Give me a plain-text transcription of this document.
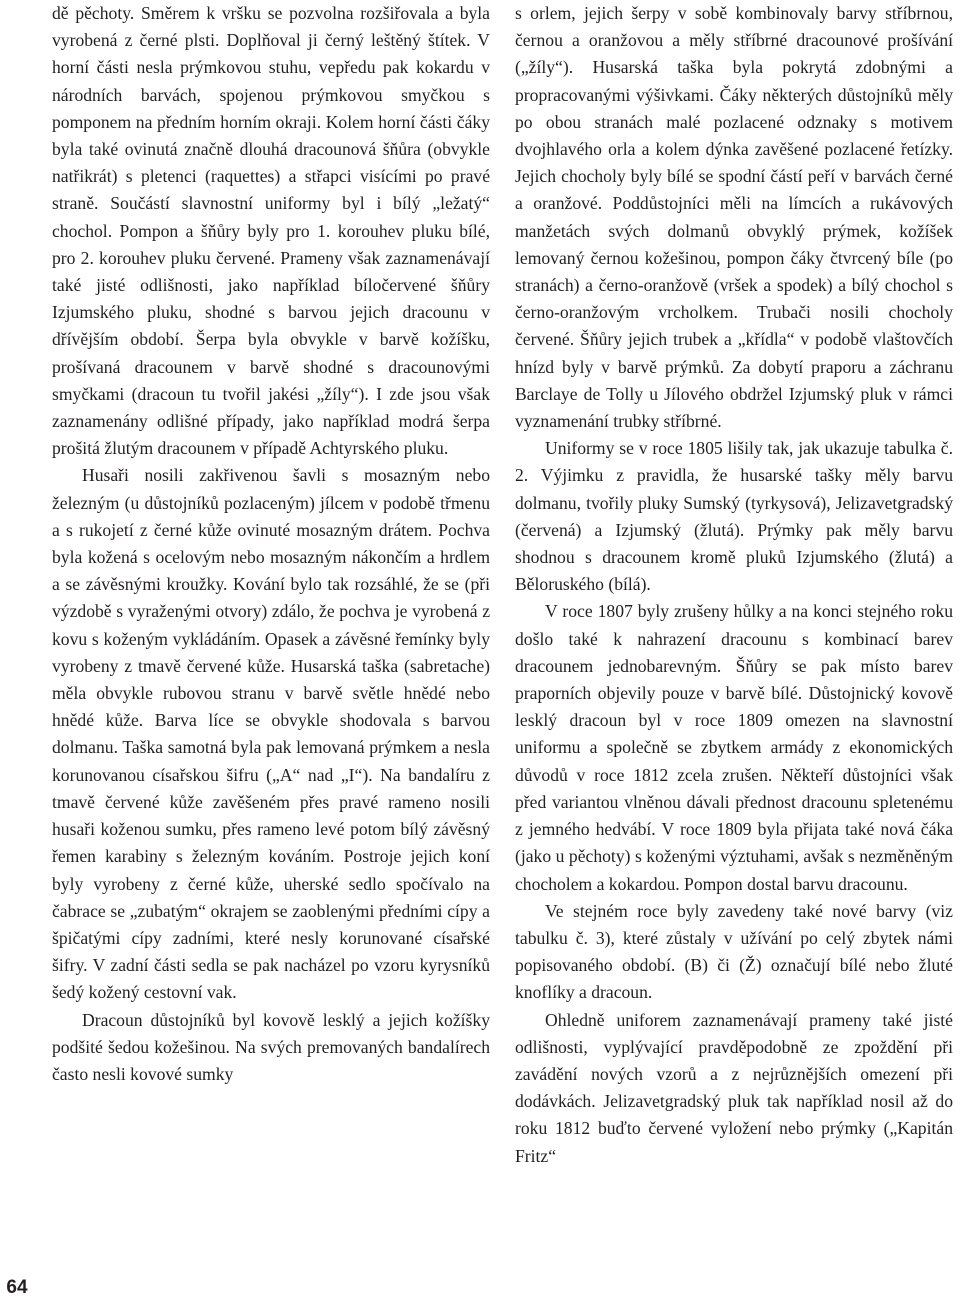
dě pěchoty. Směrem k vršku se pozvolna rozšiřovala a byla vyrobená z černé plsti. Doplňoval ji černý leštěný štítek. V horní části nesla prýmkovou stuhu, vepředu pak kokardu v národních barvách, spojenou prýmkovou smyčkou s pomponem na předním horním okraji. Kolem horní části čáky byla také ovinutá značně dlouhá dracounová šňůra (obvykle natřikrát) s pletenci (raquettes) a střapci visícími po pravé straně. Součástí slavnostní uniformy byl i bílý „ležatý“ chochol. Pompon a šňůry byly pro 1. korouhev pluku bílé, pro 2. korouhev pluku červené. Prameny však zaznamenávají také jisté odlišnosti, jako například bíločervené šňůry Izjumského pluku, shodné s barvou jejich dracounu v dřívějším období. Šerpa byla obvykle v barvě kožíšku, prošívaná dracounem v barvě shodné s dracounovými smyčkami (dracoun tu tvořil jakési „žíly“). I zde jsou však zaznamenány odlišné případy, jako například modrá šerpa prošitá žlutým dracounem v případě Achtyrského pluku.

Husaři nosili zakřivenou šavli s mosazným nebo železným (u důstojníků pozlaceným) jílcem v podobě třmenu a s rukojetí z černé kůže ovinuté mosazným drátem. Pochva byla kožená s ocelovým nebo mosazným nákončím a hrdlem a se závěsnými kroužky. Kování bylo tak rozsáhlé, že se (při výzdobě s vyraženými otvory) zdálo, že pochva je vyrobená z kovu s koženým vykládáním. Opasek a závěsné řemínky byly vyrobeny z tmavě červené kůže. Husarská taška (sabretache) měla obvykle rubovou stranu v barvě světle hnědé nebo hnědé kůže. Barva líce se obvykle shodovala s barvou dolmanu. Taška samotná byla pak lemovaná prýmkem a nesla korunovanou císařskou šifru („A“ nad „I“). Na bandalíru z tmavě červené kůže zavěšeném přes pravé rameno nosili husaři koženou sumku, přes rameno levé potom bílý závěsný řemen karabiny s železným kováním. Postroje jejich koní byly vyrobeny z černé kůže, uherské sedlo spočívalo na čabrace se „zubatým“ okrajem se zaoblenými předními cípy a špičatými cípy zadními, které nesly korunované císařské šifry. V zadní části sedla se pak nacházel po vzoru kyrysníků šedý kožený cestovní vak.

Dracoun důstojníků byl kovově lesklý a jejich kožíšky podšité šedou kožešinou. Na svých premovaných bandalírech často nesli kovové sumky

s orlem, jejich šerpy v sobě kombinovaly barvy stříbrnou, černou a oranžovou a měly stříbrné dracounové prošívání („žíly“). Husarská taška byla pokrytá zdobnými a propracovanými výšivkami. Čáky některých důstojníků měly po obou stranách malé pozlacené odznaky s motivem dvojhlavého orla a kolem dýnka zavěšené pozlacené řetízky. Jejich chocholy byly bílé se spodní částí peří v barvách černé a oranžové. Poddůstojníci měli na límcích a rukávových manžetách svých dolmanů obvyklý prýmek, kožíšek lemovaný černou kožešinou, pompon čáky čtvrcený bíle (po stranách) a černo-oranžově (vršek a spodek) a bílý chochol s černo-oranžovým vrcholkem. Trubači nosili chocholy červené. Šňůry jejich trubek a „křídla“ v podobě vlaštovčích hnízd byly v barvě prýmků. Za dobytí praporu a záchranu Barclaye de Tolly u Jílového obdržel Izjumský pluk v rámci vyznamenání trubky stříbrné.

Uniformy se v roce 1805 lišily tak, jak ukazuje tabulka č. 2. Výjimku z pravidla, že husarské tašky měly barvu dolmanu, tvořily pluky Sumský (tyrkysová), Jelizavetgradský (červená) a Izjumský (žlutá). Prýmky pak měly barvu shodnou s dracounem kromě pluků Izjumského (žlutá) a Běloruského (bílá).

V roce 1807 byly zrušeny hůlky a na konci stejného roku došlo také k nahrazení dracounu s kombinací barev dracounem jednobarevným. Šňůry se pak místo barev praporních objevily pouze v barvě bílé. Důstojnický kovově lesklý dracoun byl v roce 1809 omezen na slavnostní uniformu a společně se zbytkem armády z ekonomických důvodů v roce 1812 zcela zrušen. Někteří důstojníci však před variantou vlněnou dávali přednost dracounu spletenému z jemného hedvábí. V roce 1809 byla přijata také nová čáka (jako u pěchoty) s koženými výztuhami, avšak s nezměněným chocholem a kokardou. Pompon dostal barvu dracounu.

Ve stejném roce byly zavedeny také nové barvy (viz tabulku č. 3), které zůstaly v užívání po celý zbytek námi popisovaného období. (B) či (Ž) označují bílé nebo žluté knoflíky a dracoun.

Ohledně uniforem zaznamenávají prameny také jisté odlišnosti, vyplývající pravděpodobně ze zpoždění při zavádění nových vzorů a z nejrůznějších omezení při dodávkách. Jelizavetgradský pluk tak například nosil až do roku 1812 buďto červené vyložení nebo prýmky („Kapitán Fritz“

64
